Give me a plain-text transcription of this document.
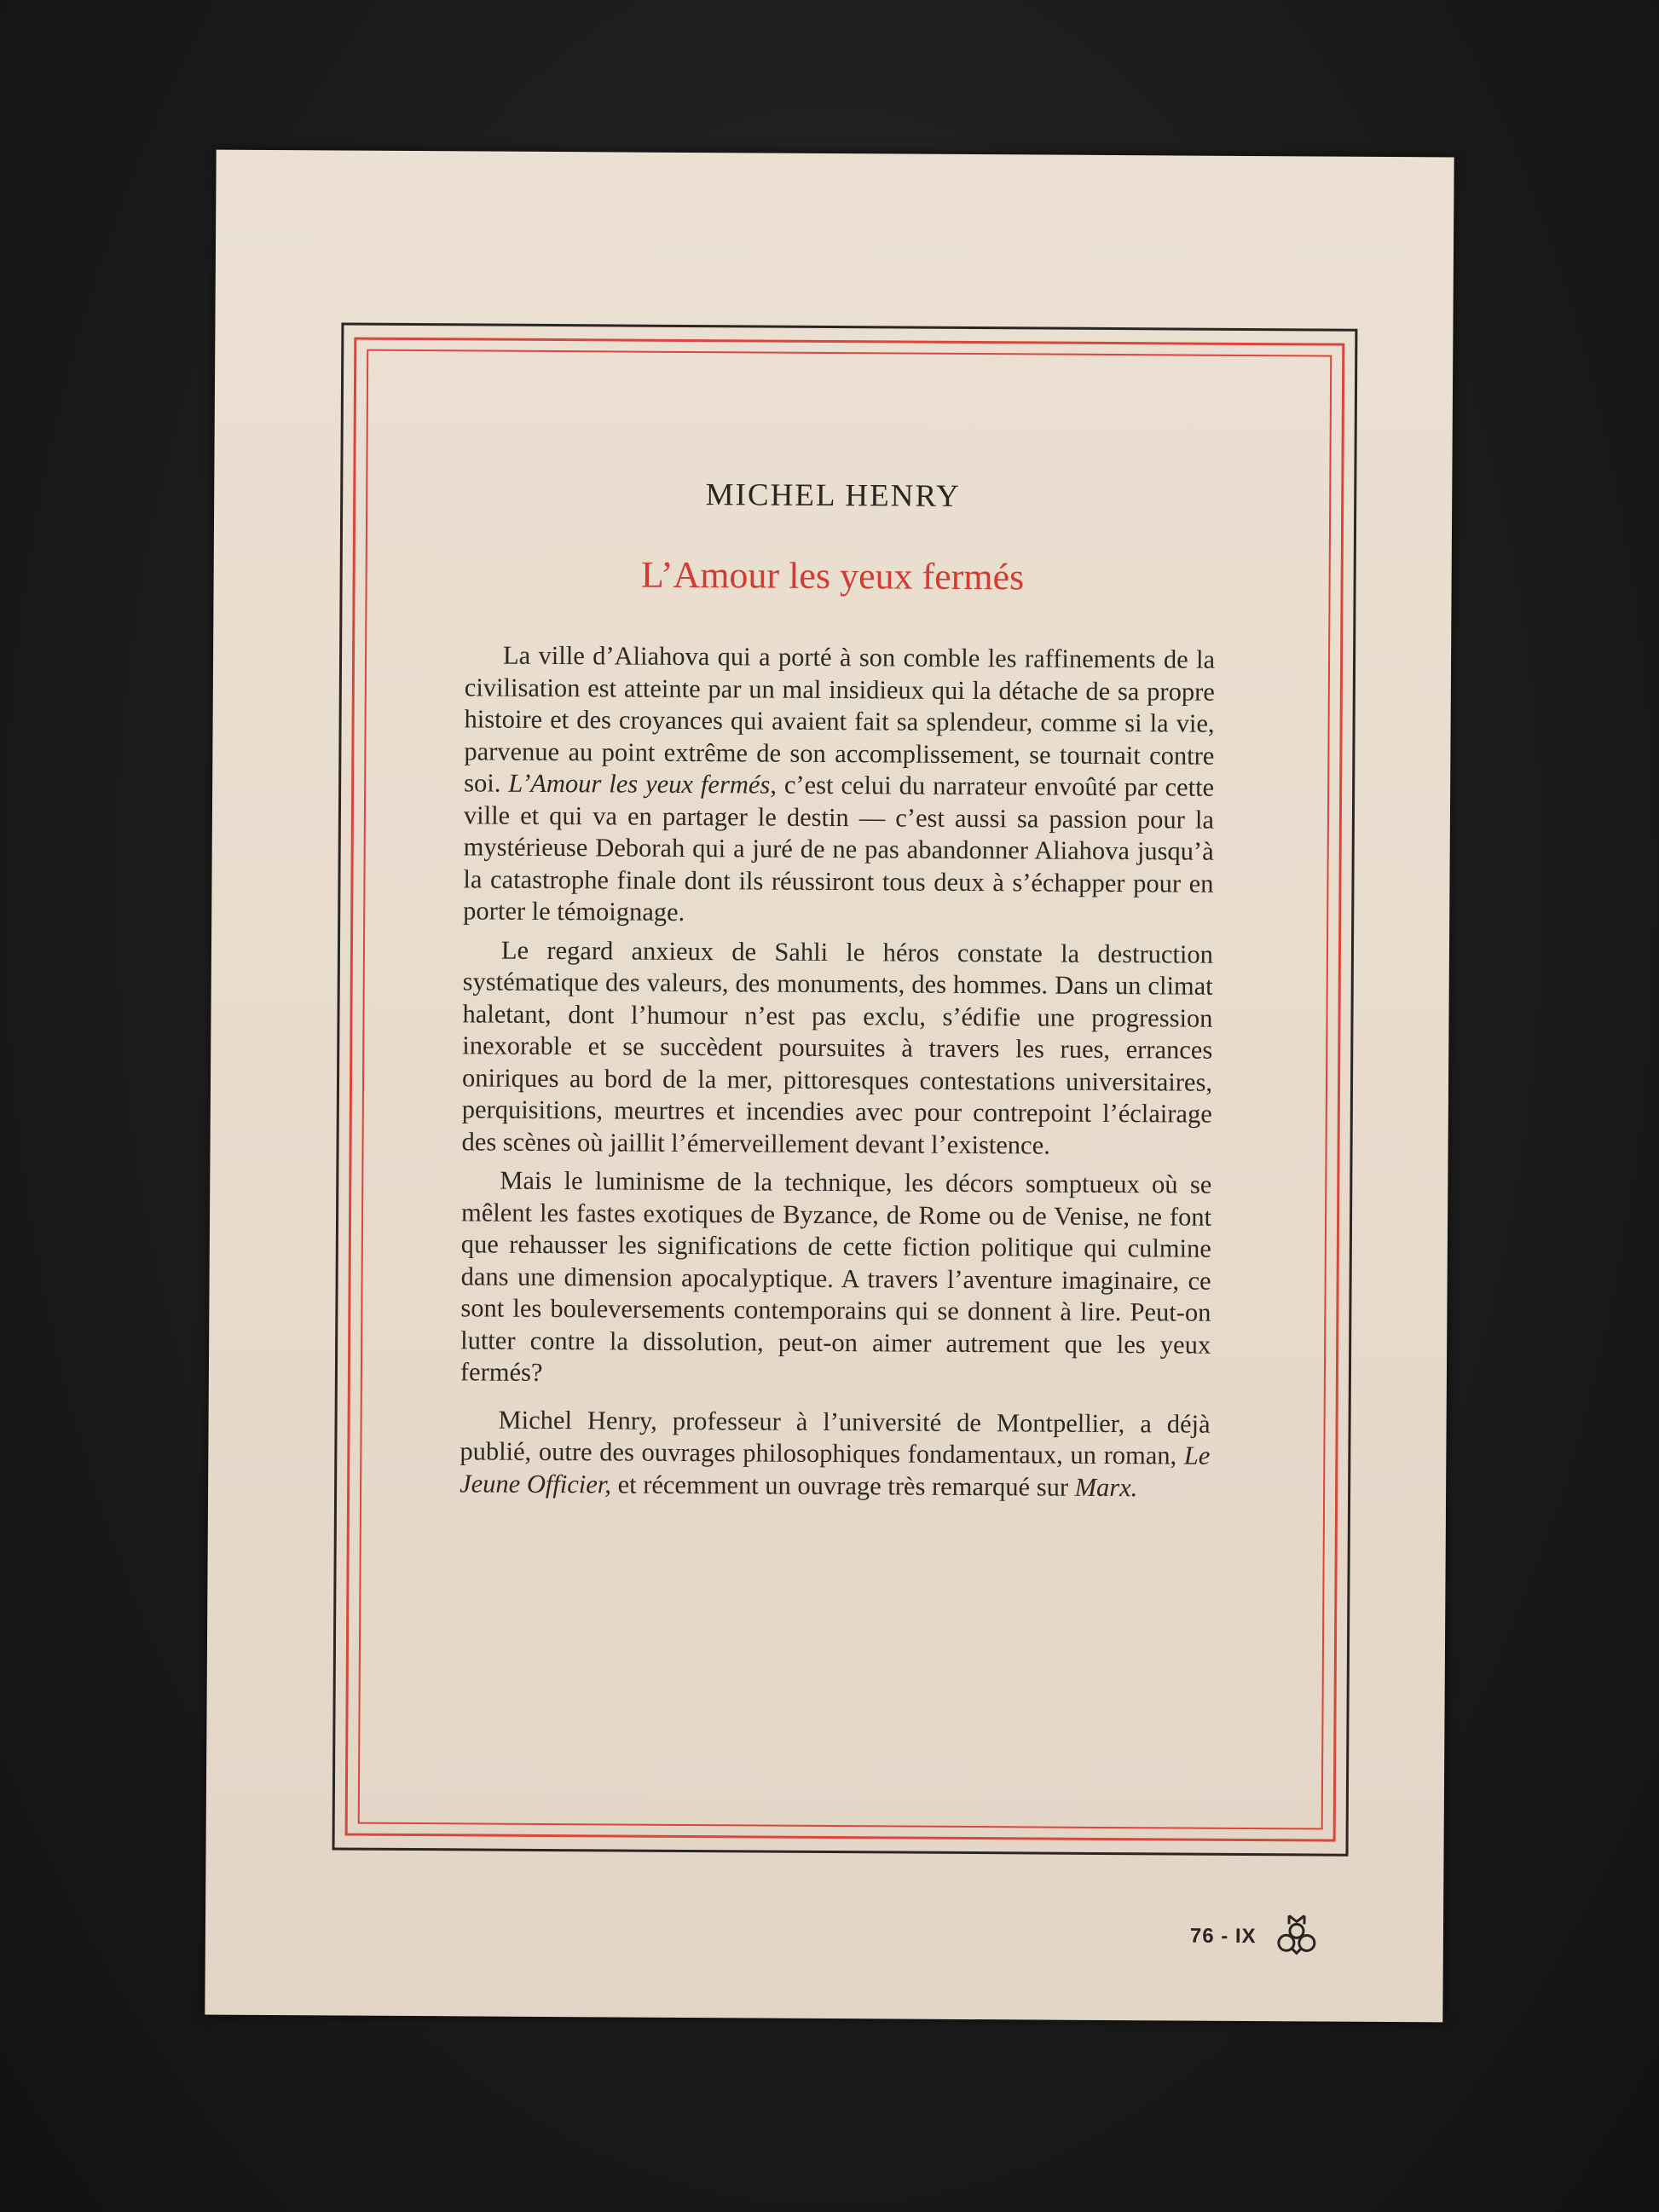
MICHEL HENRY
L’Amour les yeux fermés

La ville d’Aliahova qui a porté à son comble les raffinements de la civilisation est atteinte par un mal insidieux qui la détache de sa propre histoire et des croyances qui avaient fait sa splendeur, comme si la vie, parvenue au point extrême de son accomplissement, se tournait contre soi. L’Amour les yeux fermés, c’est celui du narrateur envoûté par cette ville et qui va en partager le destin — c’est aussi sa passion pour la mystérieuse Deborah qui a juré de ne pas abandonner Aliahova jusqu’à la catastrophe finale dont ils réussiront tous deux à s’échapper pour en porter le témoignage.

Le regard anxieux de Sahli le héros constate la destruction systématique des valeurs, des monuments, des hommes. Dans un climat haletant, dont l’humour n’est pas exclu, s’édifie une progression inexorable et se succèdent poursuites à travers les rues, errances oniriques au bord de la mer, pittoresques contestations universitaires, perquisitions, meurtres et incendies avec pour contrepoint l’éclairage des scènes où jaillit l’émerveillement devant l’existence.

Mais le luminisme de la technique, les décors somptueux où se mêlent les fastes exotiques de Byzance, de Rome ou de Venise, ne font que rehausser les significations de cette fiction politique qui culmine dans une dimension apocalyptique. A travers l’aventure imaginaire, ce sont les bouleversements contemporains qui se donnent à lire. Peut-on lutter contre la dissolution, peut-on aimer autrement que les yeux fermés?

Michel Henry, professeur à l’université de Montpellier, a déjà publié, outre des ouvrages philosophiques fondamentaux, un roman, Le Jeune Officier, et récemment un ouvrage très remarqué sur Marx.

76 - IX
